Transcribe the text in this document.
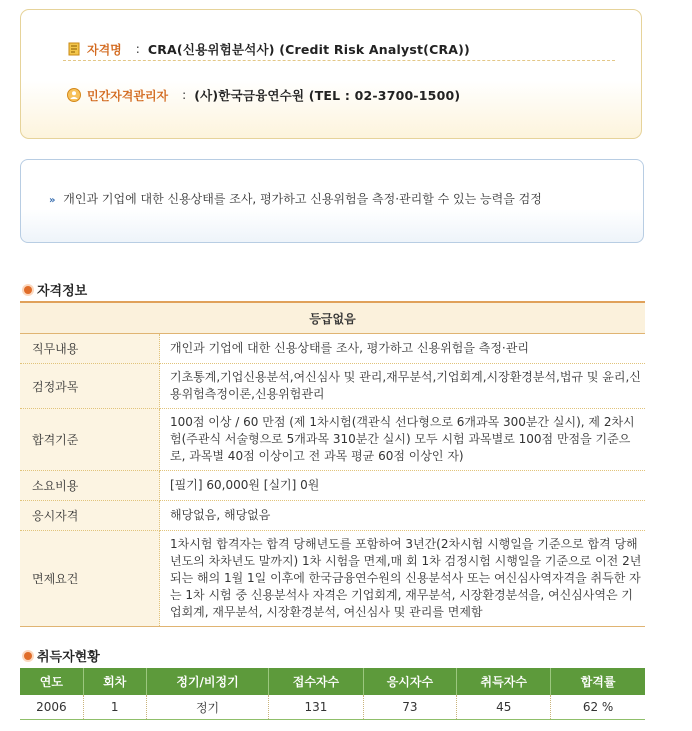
자격명 : CRA(신용위험분석사) (Credit Risk Analyst(CRA))
민간자격관리자 : (사)한국금융연수원 (TEL : 02-3700-1500)
» 개인과 기업에 대한 신용상태를 조사, 평가하고 신용위험을 측정·관리할 수 있는 능력을 검정
자격정보
등급없음	
직무내용	개인과 기업에 대한 신용상태를 조사, 평가하고 신용위험을 측정·관리
검정과목	기초통계,기업신용분석,여신심사 및 관리,재무분석,기업회계,시장환경분석,법규 및 윤리,신용위험측정이론,신용위험관리
합격기준	100점 이상 / 60 만점 (제 1차시험(객관식 선다형으로 6개과목 300분간 실시), 제 2차시험(주관식 서술형으로 5개과목 310분간 실시) 모두 시험 과목별로 100점 만점을 기준으로, 과목별 40점 이상이고 전 과목 평균 60점 이상인 자)
소요비용	[필기] 60,000원 [실기] 0원
응시자격	해당없음, 해당없음
면제요건	1차시험 합격자는 합격 당해년도를 포함하여 3년간(2차시험 시행일을 기준으로 합격 당해년도의 차차년도 말까지) 1차 시험을 면제,매 회 1차 검정시험 시행일을 기준으로 이전 2년 되는 해의 1월 1일 이후에 한국금융연수원의 신용분석사 또는 여신심사역자격을 취득한 자는 1차 시험 중 신용분석사 자격은 기업회계, 재무분석, 시장환경분석을, 여신심사역은 기업회계, 재무분석, 시장환경분석, 여신심사 및 관리를 면제함
취득자현황
연도	회차	정기/비정기	접수자수	응시자수	취득자수	합격률
2006	1	정기	131	73	45	62 %
